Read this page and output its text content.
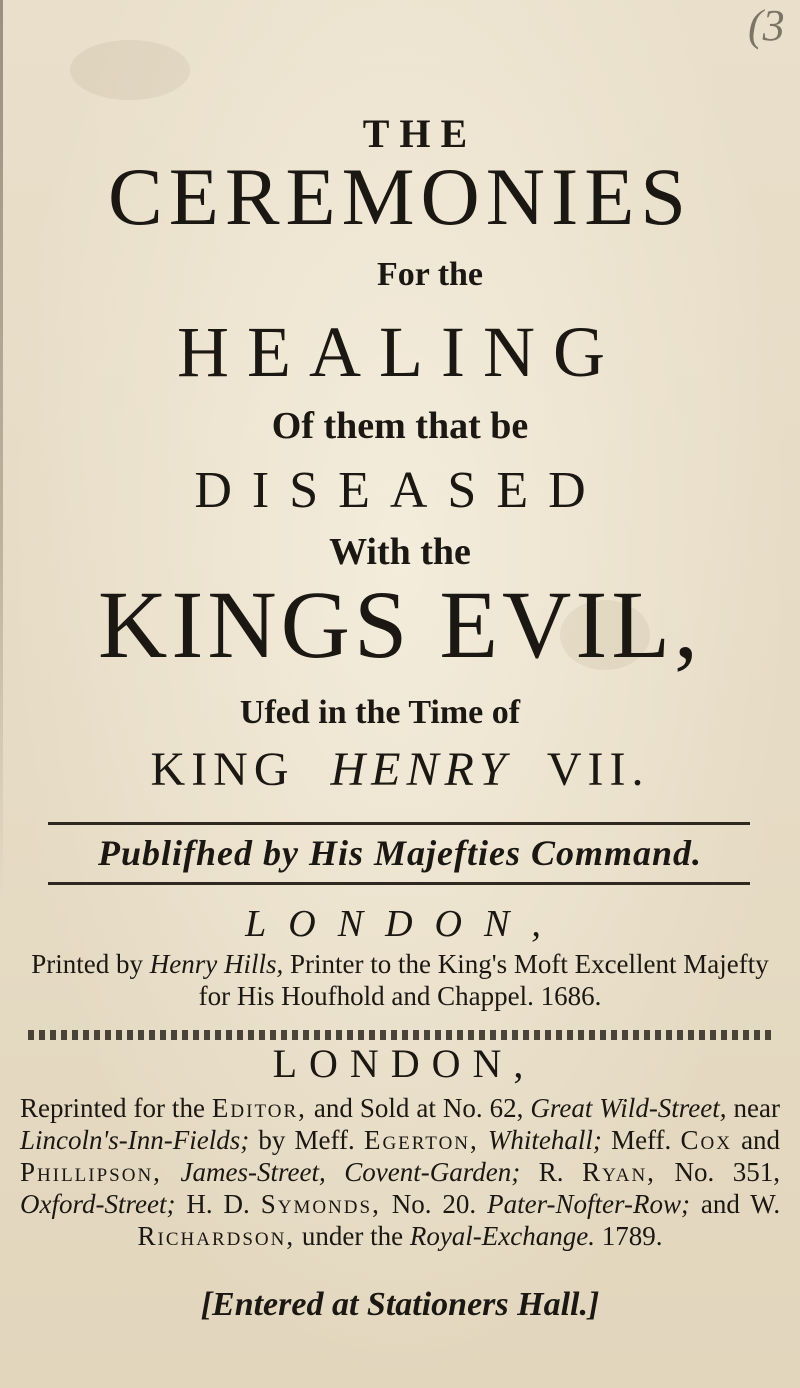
(3
THE
CEREMONIES
For the
HEALING
Of them that be
DISEASED
With the
KINGS EVIL,
Ufed in the Time of
KING HENRY VII.
Publifhed by His Majefties Command.
LONDON,
Printed by Henry Hills, Printer to the King's Moft Excellent Majefty for His Houfhold and Chappel. 1686.
LONDON,
Reprinted for the Editor, and Sold at No. 62, Great Wild-Street, near Lincoln's-Inn-Fields; by Meff. Egerton, Whitehall; Meff. Cox and Phillipson, James-Street, Covent-Garden; R. Ryan, No. 351, Oxford-Street; H. D. Symonds, No. 20. Pater-Nofter-Row; and W. Richardson, under the Royal-Exchange. 1789.
[Entered at Stationers Hall.]
